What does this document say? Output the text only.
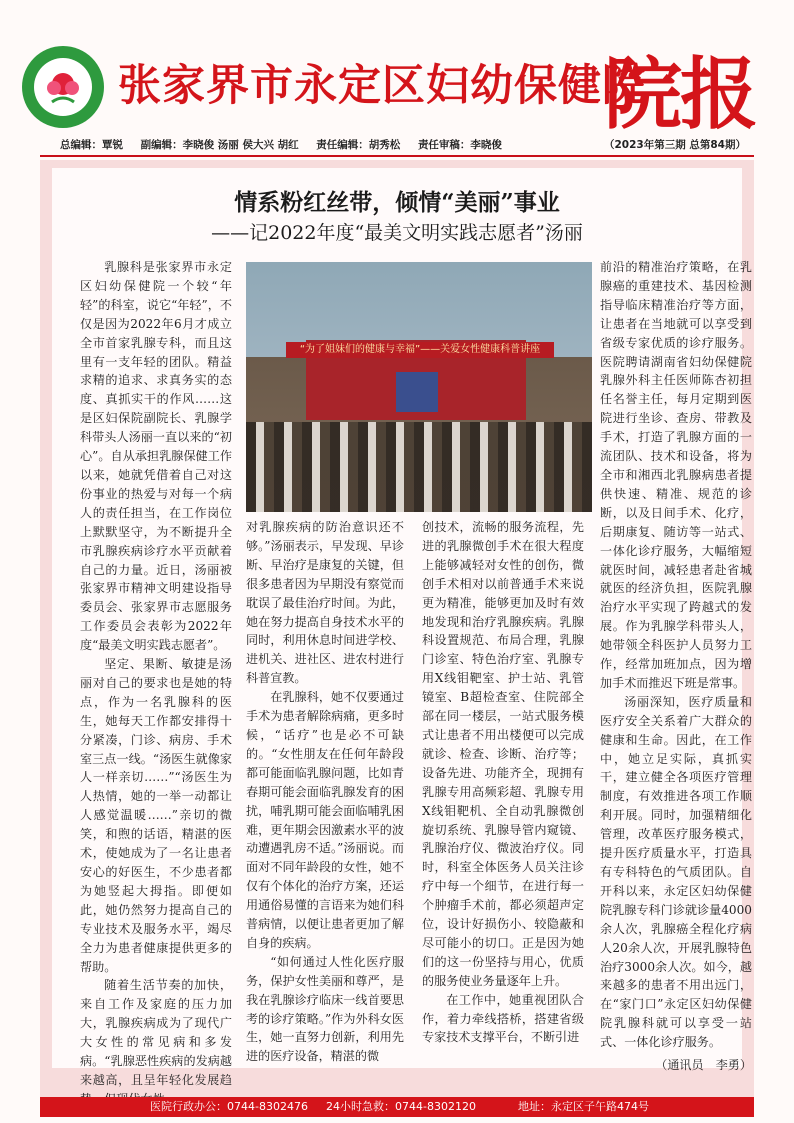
张家界市永定区妇幼保健院
院报
总编辑：覃锐 副编辑：李晓俊 汤丽 侯大兴 胡红 责任编辑：胡秀松 责任审稿：李晓俊	（2023年第三期 总第84期）
情系粉红丝带，倾情“美丽”事业
——记2022年度“最美文明实践志愿者”汤丽

乳腺科是张家界市永定区妇幼保健院一个较“年轻”的科室，说它“年轻”，不仅是因为2022年6月才成立全市首家乳腺专科，而且这里有一支年轻的团队。精益求精的追求、求真务实的态度、真抓实干的作风……这是区妇保院副院长、乳腺学科带头人汤丽一直以来的“初心”。自从承担乳腺保健工作以来，她就凭借着自己对这份事业的热爱与对每一个病人的责任担当，在工作岗位上默默坚守，为不断提升全市乳腺疾病诊疗水平贡献着自己的力量。近日，汤丽被张家界市精神文明建设指导委员会、张家界市志愿服务工作委员会表彰为2022年度“最美文明实践志愿者”。

坚定、果断、敏捷是汤丽对自己的要求也是她的特点，作为一名乳腺科的医生，她每天工作都安排得十分紧凑，门诊、病房、手术室三点一线。“汤医生就像家人一样亲切……”“汤医生为人热情，她的一举一动都让人感觉温暖……”亲切的微笑，和煦的话语，精湛的医术，使她成为了一名让患者安心的好医生，不少患者都为她竖起大拇指。即便如此，她仍然努力提高自己的专业技术及服务水平，竭尽全力为患者健康提供更多的帮助。

随着生活节奏的加快，来自工作及家庭的压力加大，乳腺疾病成为了现代广大女性的常见病和多发病。“乳腺恶性疾病的发病越来越高，且呈年轻化发展趋

“为了姐妹们的健康与幸福”——关爱女性健康科普讲座

对乳腺疾病的防治意识还不够。”汤丽表示，早发现、早诊断、早治疗是康复的关键，但很多患者因为早期没有察觉而耽误了最佳治疗时间。为此，她在努力提高自身技术水平的同时，利用休息时间进学校、进机关、进社区、进农村进行科普宣教。

在乳腺科，她不仅要通过手术为患者解除病痛，更多时候，“话疗”也是必不可缺的。“女性朋友在任何年龄段都可能面临乳腺问题，比如青春期可能会面临乳腺发育的困扰，哺乳期可能会面临哺乳困难，更年期会因激素水平的波动遭遇乳房不适。”汤丽说。而面对不同年龄段的女性，她不仅有个体化的治疗方案，还运用通俗易懂的言语来为她们科普病情，以便让患者更加了解自身的疾病。

“如何通过人性化医疗服务，保护女性美丽和尊严，是我在乳腺诊疗临床一线首要思考的诊疗策略。”作为外科女医生，她一直努力创新，利用先进的医疗设备，精湛的微

创技术，流畅的服务流程，先进的乳腺微创手术在很大程度上能够减轻对女性的创伤，微创手术相对以前普通手术来说更为精准，能够更加及时有效地发现和治疗乳腺疾病。乳腺科设置规范、布局合理，乳腺门诊室、特色治疗室、乳腺专用X线钼靶室、护士站、乳管镜室、B超检查室、住院部全部在同一楼层，一站式服务模式让患者不用出楼便可以完成就诊、检查、诊断、治疗等；设备先进、功能齐全，现拥有乳腺专用高频彩超、乳腺专用X线钼靶机、全自动乳腺微创旋切系统、乳腺导管内窥镜、乳腺治疗仪、微波治疗仪。同时，科室全体医务人员关注诊疗中每一个细节，在进行每一个肿瘤手术前，都必须超声定位，设计好损伤小、较隐蔽和尽可能小的切口。正是因为她们的这一份坚持与用心，优质的服务使业务量逐年上升。

在工作中，她重视团队合作，着力牵线搭桥，搭建省级专家技术支撑平台，不断引进

前沿的精准治疗策略，在乳腺癌的重建技术、基因检测指导临床精准治疗等方面，让患者在当地就可以享受到省级专家优质的诊疗服务。医院聘请湖南省妇幼保健院乳腺外科主任医师陈杏初担任名誉主任，每月定期到医院进行坐诊、查房、带教及手术，打造了乳腺方面的一流团队、技术和设备，将为全市和湘西北乳腺病患者提供快速、精准、规范的诊断，以及日间手术、化疗，后期康复、随访等一站式、一体化诊疗服务，大幅缩短就医时间，减轻患者赴省城就医的经济负担，医院乳腺治疗水平实现了跨越式的发展。作为乳腺学科带头人，她带领全科医护人员努力工作，经常加班加点，因为增加手术而推迟下班是常事。

汤丽深知，医疗质量和医疗安全关系着广大群众的健康和生命。因此，在工作中，她立足实际，真抓实干，建立健全各项医疗管理制度，有效推进各项工作顺利开展。同时，加强精细化管理，改革医疗服务模式，提升医疗质量水平，打造具有专科特色的气质团队。自开科以来，永定区妇幼保健院乳腺专科门诊就诊量4000余人次，乳腺癌全程化疗病人20余人次，开展乳腺特色治疗3000余人次。如今，越来越多的患者不用出远门，在“家门口”永定区妇幼保健院乳腺科就可以享受一站式、一体化诊疗服务。

（通讯员　李勇）

医院行政办公：0744-8302476 24小时急救：0744-8302120	地址：永定区子午路474号
